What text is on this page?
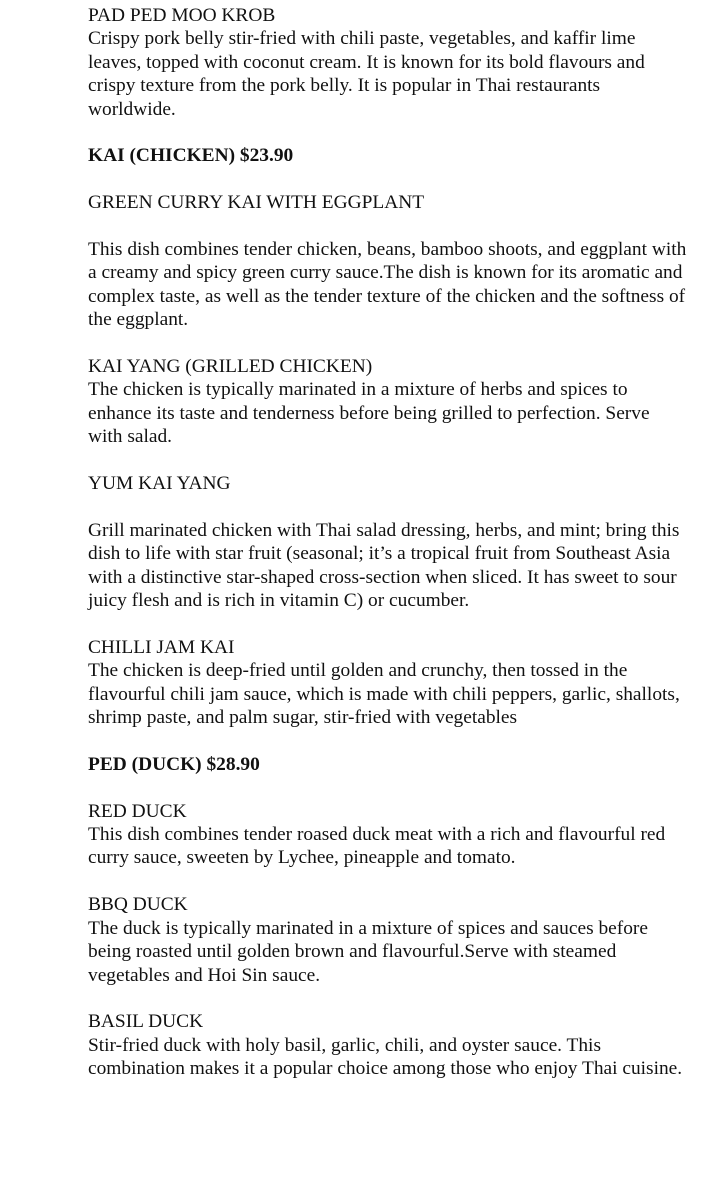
PAD PED MOO KROB
Crispy pork belly stir-fried with chili paste, vegetables, and kaffir lime leaves, topped with coconut cream. It is known for its bold flavours and crispy texture from the pork belly. It is popular in Thai restaurants worldwide.
KAI (CHICKEN) $23.90
GREEN CURRY KAI WITH EGGPLANT
This dish combines tender chicken, beans, bamboo shoots, and eggplant with a creamy and spicy green curry sauce.The dish is known for its aromatic and complex taste, as well as the tender texture of the chicken and the softness of the eggplant.
KAI YANG (GRILLED CHICKEN)
The chicken is typically marinated in a mixture of herbs and spices to enhance its taste and tenderness before being grilled to perfection. Serve with salad.
YUM KAI YANG
Grill marinated chicken with Thai salad dressing, herbs, and mint; bring this dish to life with star fruit (seasonal; it’s a tropical fruit from Southeast Asia with a distinctive star-shaped cross-section when sliced. It has sweet to sour juicy flesh and is rich in vitamin C) or cucumber.
CHILLI JAM KAI
The chicken is deep-fried until golden and crunchy, then tossed in the flavourful chili jam sauce, which is made with chili peppers, garlic, shallots, shrimp paste, and palm sugar, stir-fried with vegetables
PED (DUCK) $28.90
RED DUCK
This dish combines tender roased duck meat with a rich and flavourful red curry sauce, sweeten by Lychee, pineapple and tomato.
BBQ DUCK
The duck is typically marinated in a mixture of spices and sauces before being roasted until golden brown and flavourful.Serve with steamed vegetables and Hoi Sin sauce.
BASIL DUCK
Stir-fried duck with holy basil, garlic, chili, and oyster sauce. This combination makes it a popular choice among those who enjoy Thai cuisine.
